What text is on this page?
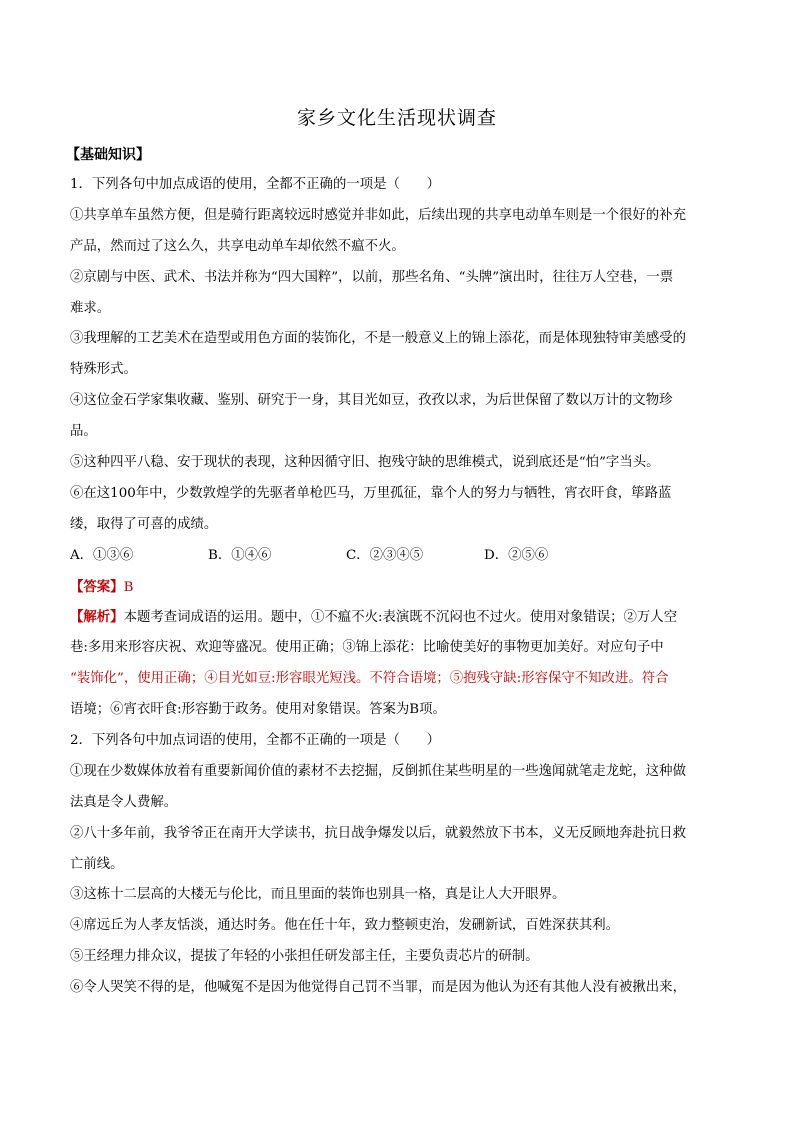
家乡文化生活现状调查
【基础知识】
1．下列各句中加点成语的使用，全都不正确的一项是（　　）
①共享单车虽然方便，但是骑行距离较远时感觉并非如此，后续出现的共享电动单车则是一个很好的补充
产品，然而过了这么久，共享电动单车却依然不瘟不火。
②京剧与中医、武术、书法并称为“四大国粹”，以前，那些名角、“头牌”演出时，往往万人空巷，一票
难求。
③我理解的工艺美术在造型或用色方面的装饰化，不是一般意义上的锦上添花，而是体现独特审美感受的
特殊形式。
④这位金石学家集收藏、鉴别、研究于一身，其目光如豆，孜孜以求，为后世保留了数以万计的文物珍
品。
⑤这种四平八稳、安于现状的表现，这种因循守旧、抱残守缺的思维模式，说到底还是“怕”字当头。
⑥在这100年中，少数敦煌学的先驱者单枪匹马，万里孤征，靠个人的努力与牺牲，宵衣旰食，筚路蓝
缕，取得了可喜的成绩。
A．①③⑥	B．①④⑥	C．②③④⑤	D．②⑤⑥
【答案】B
【解析】本题考查词成语的运用。题中，①不瘟不火:表演既不沉闷也不过火。使用对象错误；②万人空
巷:多用来形容庆祝、欢迎等盛况。使用正确；③锦上添花：比喻使美好的事物更加美好。对应句子中
“装饰化”，使用正确；④目光如豆:形容眼光短浅。不符合语境；⑤抱残守缺:形容保守不知改进。符合
语境；⑥宵衣旰食:形容勤于政务。使用对象错误。答案为B项。
2．下列各句中加点词语的使用，全都不正确的一项是（　　）
①现在少数媒体放着有重要新闻价值的素材不去挖掘，反倒抓住某些明星的一些逸闻就笔走龙蛇，这种做
法真是令人费解。
②八十多年前，我爷爷正在南开大学读书，抗日战争爆发以后，就毅然放下书本，义无反顾地奔赴抗日救
亡前线。
③这栋十二层高的大楼无与伦比，而且里面的装饰也别具一格，真是让人大开眼界。
④席远丘为人孝友恬淡，通达时务。他在任十年，致力整顿吏治，发硎新试，百姓深获其利。
⑤王经理力排众议，提拔了年轻的小张担任研发部主任，主要负责芯片的研制。
⑥令人哭笑不得的是，他喊冤不是因为他觉得自己罚不当罪，而是因为他认为还有其他人没有被揪出来，
